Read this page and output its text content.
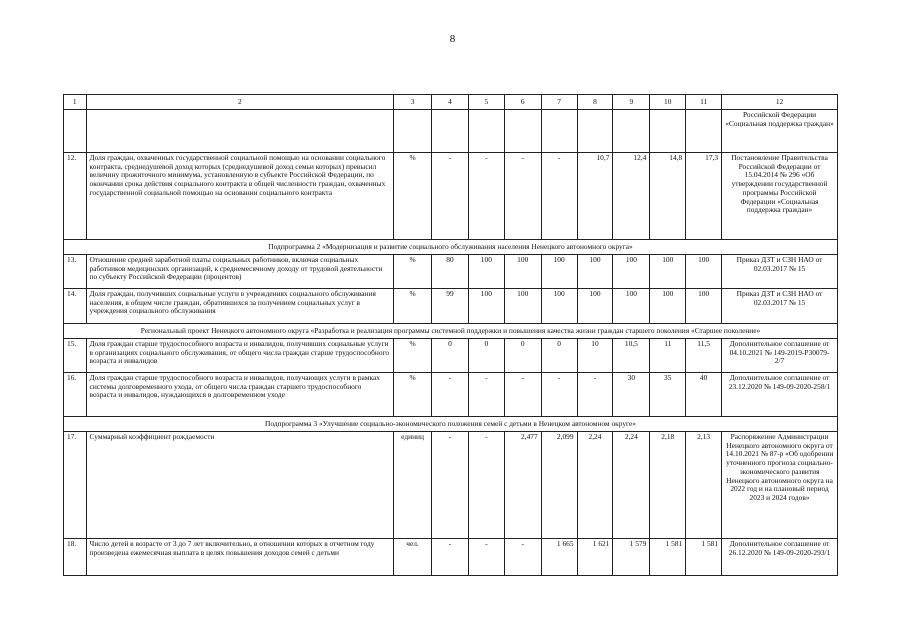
8
1	2	3	4	5	6	7	8	9	10	11	12
											Российской Федерации «Социальная поддержка граждан»
12.	Доля граждан, охваченных государственной социальной помощью на основании социального контракта, среднедушевой доход которых (среднедушевой доход семьи которых) превысил величину прожиточного минимума, установленную в субъекте Российской Федерации, по окончании срока действия социального контракта в общей численности граждан, охваченных государственной социальной помощью на основании социального контракта	%	-	-	-	-	10,7	12,4	14,8	17,3	Постановление Правительства Российской Федерации от 15.04.2014 № 296 «Об утверждении государственной программы Российской Федерации «Социальная поддержка граждан»
Подпрограмма 2 «Модернизация и развитие социального обслуживания населения Ненецкого автономного округа»											
13.	Отношение средней заработной платы социальных работников, включая социальных работников медицинских организаций, к среднемесячному доходу от трудовой деятельности по субъекту Российской Федерации (процентов)	%	80	100	100	100	100	100	100	100	Приказ ДЗТ и СЗН НАО от 02.03.2017 № 15
14.	Доля граждан, получивших социальные услуги в учреждениях социального обслуживания населения, в общем числе граждан, обратившихся за получением социальных услуг в учреждения социального обслуживания	%	99	100	100	100	100	100	100	100	Приказ ДЗТ и СЗН НАО от 02.03.2017 № 15
Региональный проект Ненецкого автономного округа «Разработка и реализация программы системной поддержки и повышения качества жизни граждан старшего поколения «Старшее поколение»											
15.	Доля граждан старше трудоспособного возраста и инвалидов, получивших социальные услуги в организациях социального обслуживания, от общего числа граждан старше трудоспособного возраста и инвалидов	%	0	0	0	0	10	10,5	11	11,5	Дополнительное соглашение от 04.10.2021 № 149-2019-Р30079-2/7
16.	Доля граждан старше трудоспособного возраста и инвалидов, получающих услуги в рамках системы долговременного ухода, от общего числа граждан старшего трудоспособного возраста и инвалидов, нуждающихся в долговременном уходе	%	-	-	-	-	-	30	35	40	Дополнительное соглашение от 23.12.2020 № 149-09-2020-258/1
Подпрограмма 3 «Улучшение социально-экономического положения семей с детьми в Ненецком автономном округе»											
17.	Суммарный коэффициент рождаемости	единиц	-	-	2,477	2,099	2,24	2,24	2,18	2,13	Распоряжение Администрации Ненецкого автономного округа от 14.10.2021 № 87-р «Об одобрении уточненного прогноза социально-экономического развития Ненецкого автономного округа на 2022 год и на плановый период 2023 и 2024 годов»
18.	Число детей в возрасте от 3 до 7 лет включительно, в отношении которых в отчетном году произведена ежемесячная выплата в целях повышения доходов семей с детьми	чел.	-	-	-	1 665	1 621	1 579	1 581	1 581	Дополнительное соглашение от 26.12.2020 № 149-09-2020-293/1
